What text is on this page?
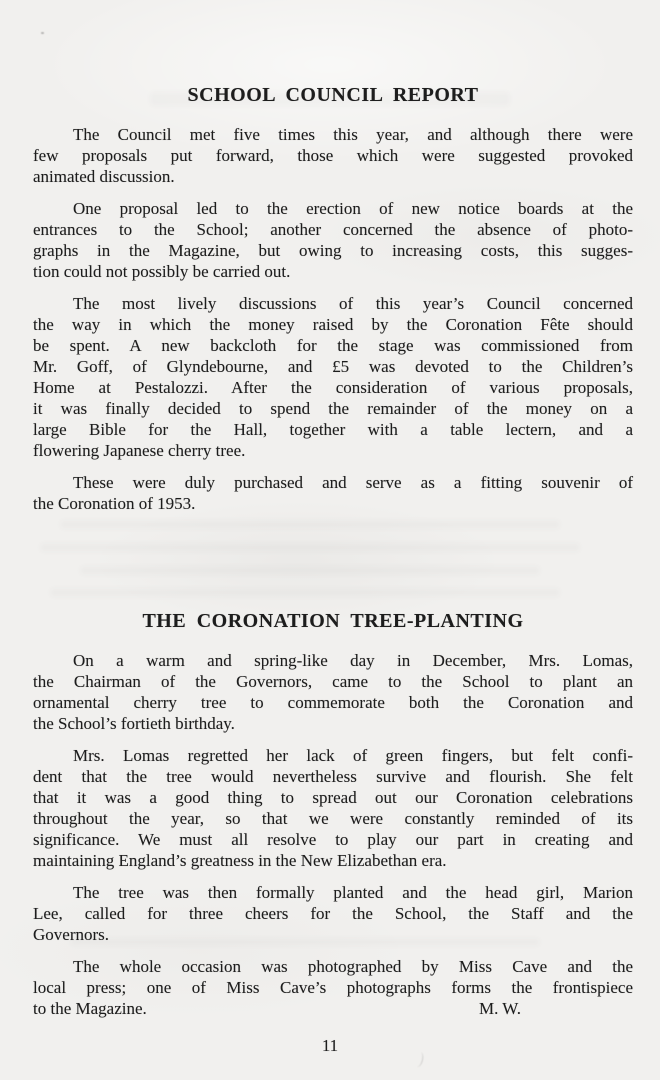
SCHOOL COUNCIL REPORT
The Council met five times this year, and although there were
few proposals put forward, those which were suggested provoked
animated discussion.
One proposal led to the erection of new notice boards at the
entrances to the School; another concerned the absence of photo-
graphs in the Magazine, but owing to increasing costs, this sugges-
tion could not possibly be carried out.
The most lively discussions of this year’s Council concerned
the way in which the money raised by the Coronation Fête should
be spent. A new backcloth for the stage was commissioned from
Mr. Goff, of Glyndebourne, and £5 was devoted to the Children’s
Home at Pestalozzi. After the consideration of various proposals,
it was finally decided to spend the remainder of the money on a
large Bible for the Hall, together with a table lectern, and a
flowering Japanese cherry tree.
These were duly purchased and serve as a fitting souvenir of
the Coronation of 1953.
THE CORONATION TREE-PLANTING
On a warm and spring-like day in December, Mrs. Lomas,
the Chairman of the Governors, came to the School to plant an
ornamental cherry tree to commemorate both the Coronation and
the School’s fortieth birthday.
Mrs. Lomas regretted her lack of green fingers, but felt confi-
dent that the tree would nevertheless survive and flourish. She felt
that it was a good thing to spread out our Coronation celebrations
throughout the year, so that we were constantly reminded of its
significance. We must all resolve to play our part in creating and
maintaining England’s greatness in the New Elizabethan era.
The tree was then formally planted and the head girl, Marion
Lee, called for three cheers for the School, the Staff and the
Governors.
The whole occasion was photographed by Miss Cave and the
local press; one of Miss Cave’s photographs forms the frontispiece
to the Magazine.	M. W.
11
